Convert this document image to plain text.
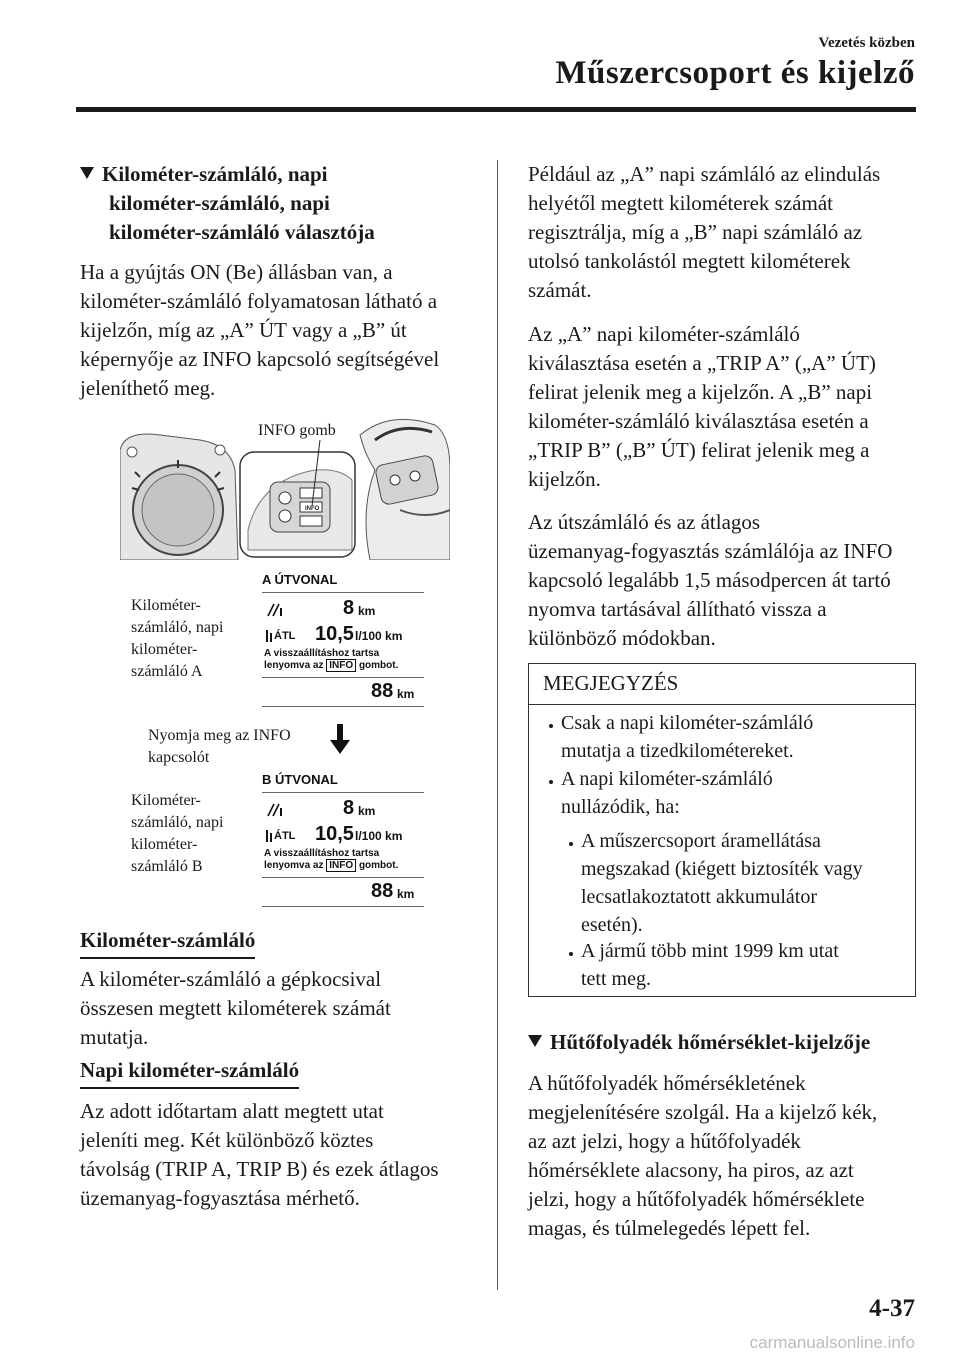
Vezetés közben
Műszercsoport és kijelző
Kilométer-számláló, napi
kilométer-számláló, napi
kilométer-számláló választója
Ha a gyújtás ON (Be) állásban van, a
kilométer-számláló folyamatosan látható a
kijelzőn, míg az „A” ÚT vagy a „B” út
képernyője az INFO kapcsoló segítségével
jeleníthető meg.
INFO
INFO gomb
Kilométer-
számláló, napi
kilométer-
számláló A
A ÚTVONAL
8 km
ÁTL 10,5 l/100 km
A visszaállításhoz tartsa
lenyomva az INFO gombot.
88 km
Nyomja meg az INFO
kapcsolót
Kilométer-
számláló, napi
kilométer-
számláló B
B ÚTVONAL
8 km
ÁTL 10,5 l/100 km
A visszaállításhoz tartsa
lenyomva az INFO gombot.
88 km
Kilométer-számláló
A kilométer-számláló a gépkocsival
összesen megtett kilométerek számát
mutatja.
Napi kilométer-számláló
Az adott időtartam alatt megtett utat
jeleníti meg. Két különböző köztes
távolság (TRIP A, TRIP B) és ezek átlagos
üzemanyag-fogyasztása mérhető.
Például az „A” napi számláló az elindulás
helyétől megtett kilométerek számát
regisztrálja, míg a „B” napi számláló az
utolsó tankolástól megtett kilométerek
számát.
Az „A” napi kilométer-számláló
kiválasztása esetén a „TRIP A” („A” ÚT)
felirat jelenik meg a kijelzőn. A „B” napi
kilométer-számláló kiválasztása esetén a
„TRIP B” („B” ÚT) felirat jelenik meg a
kijelzőn.
Az útszámláló és az átlagos
üzemanyag-fogyasztás számlálója az INFO
kapcsoló legalább 1,5 másodpercen át tartó
nyomva tartásával állítható vissza a
különböző módokban.
MEGJEGYZÉS
Csak a napi kilométer-számláló
mutatja a tizedkilométereket.
A napi kilométer-számláló
nullázódik, ha:
A műszercsoport áramellátása
megszakad (kiégett biztosíték vagy
lecsatlakoztatott akkumulátor
esetén).
A jármű több mint 1999 km utat
tett meg.
Hűtőfolyadék hőmérséklet-kijelzője
A hűtőfolyadék hőmérsékletének
megjelenítésére szolgál. Ha a kijelző kék,
az azt jelzi, hogy a hűtőfolyadék
hőmérséklete alacsony, ha piros, az azt
jelzi, hogy a hűtőfolyadék hőmérséklete
magas, és túlmelegedés lépett fel.
4-37
carmanualsonline.info
